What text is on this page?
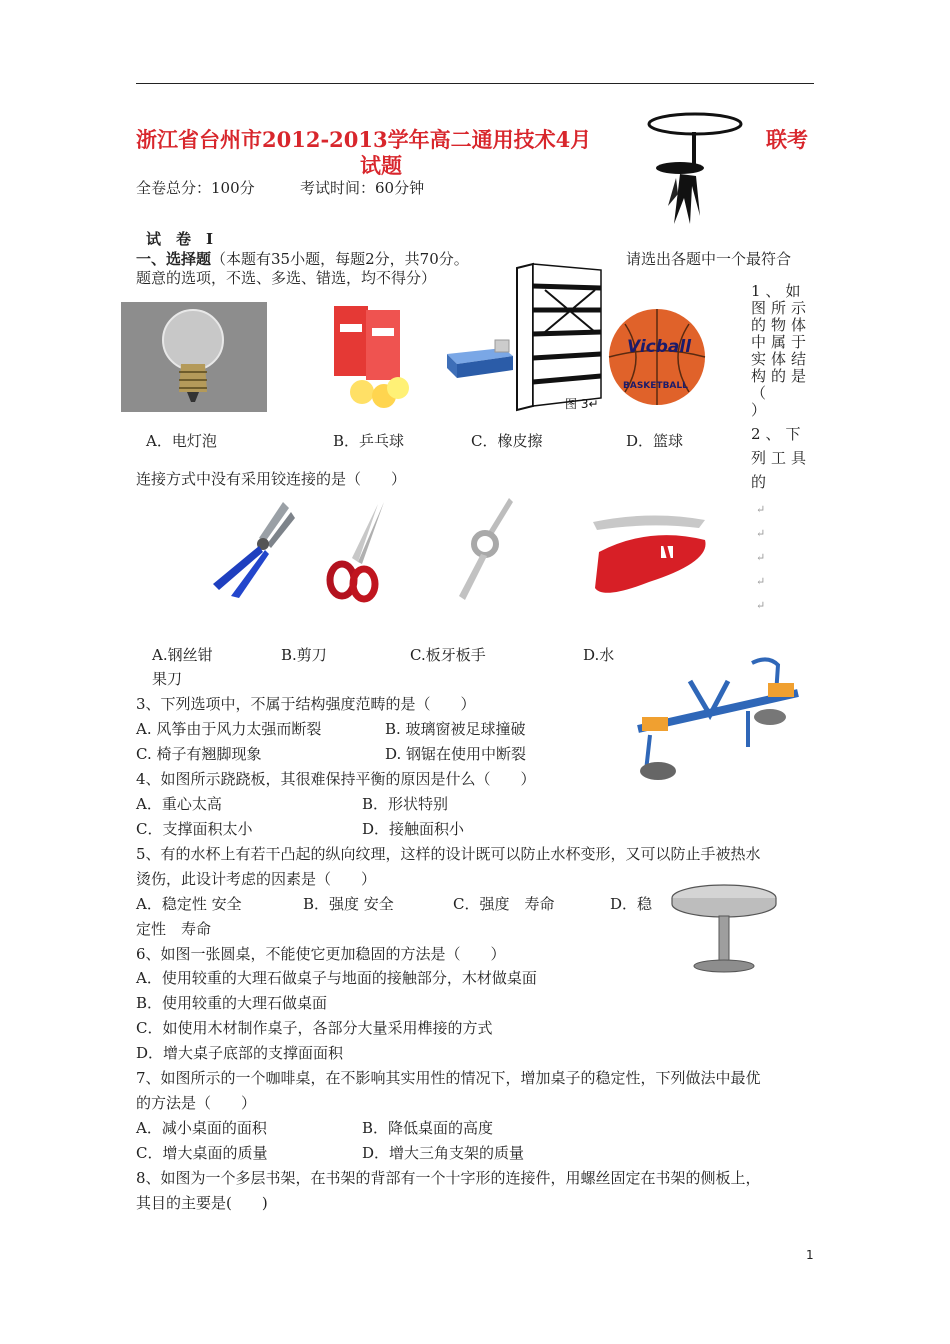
浙江省台州市2012-2013学年高二通用技术4月	联考
试题
全卷总分：100分	考试时间：60分钟
试　卷　Ⅰ
一、选择题（本题有35小题，每题2分，共70分。	请选出各题中一个最符合
题意的选项，不选、多选、错选，均不得分）
图 3↵
Vicball
BASKETBALL
1、如图所示的物体中属于实体结构的是（　　）
2、下列工具的
A．电灯泡	B．乒乓球	C．橡皮擦	D．篮球
连接方式中没有采用铰连接的是（　　）
↵
↵
↵
↵
↵
A.钢丝钳	B.剪刀	C.板牙板手	D.水
果刀
3、下列选项中，不属于结构强度范畴的是（　　）
A. 风筝由于风力太强而断裂	B. 玻璃窗被足球撞破
C. 椅子有翘脚现象	D. 钢锯在使用中断裂
4、如图所示跷跷板，其很难保持平衡的原因是什么（　　）
A．重心太高	B．形状特别
C．支撑面积太小	D．接触面积小
5、有的水杯上有若干凸起的纵向纹理，这样的设计既可以防止水杯变形，又可以防止手被热水
烫伤，此设计考虑的因素是（　　）
A．稳定性 安全	B．强度 安全	C．强度　寿命	D．稳
定性　寿命
6、如图一张圆桌，不能使它更加稳固的方法是（　　）
A．使用较重的大理石做桌子与地面的接触部分，木材做桌面
B．使用较重的大理石做桌面
C．如使用木材制作桌子，各部分大量采用榫接的方式
D．增大桌子底部的支撑面面积
7、如图所示的一个咖啡桌，在不影响其实用性的情况下，增加桌子的稳定性，下列做法中最优
的方法是（　　）
A．减小桌面的面积	B．降低桌面的高度
C．增大桌面的质量	D．增大三角支架的质量
8、如图为一个多层书架，在书架的背部有一个十字形的连接件，用螺丝固定在书架的侧板上，
其目的主要是(　　)
1
